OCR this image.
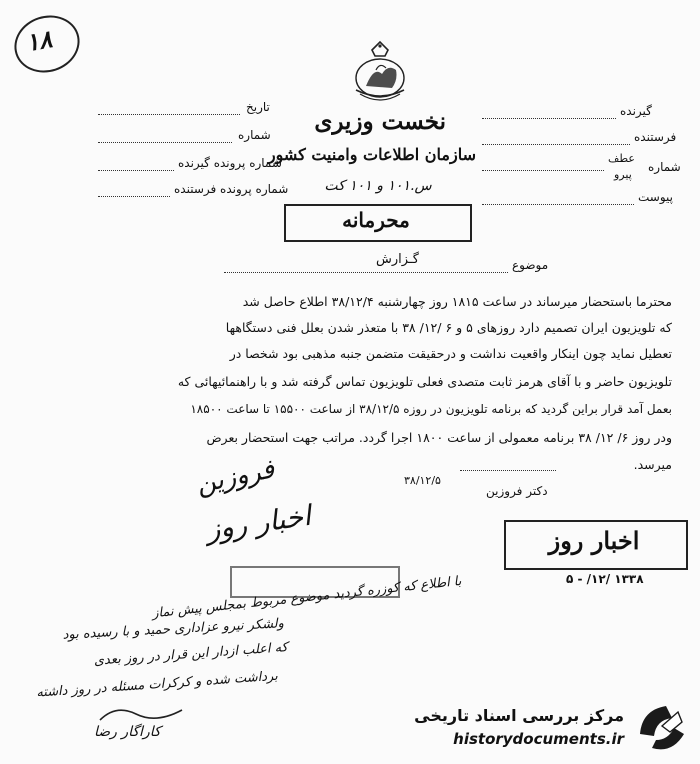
۱۸
نخست وزیری
سازمان اطلاعات وامنیت کشور
س.۱۰۱ و ۱۰۱ کت
محرمانه
تاریخ
شماره
شماره پرونده گیرنده
شماره پرونده فرستنده
گیرنده
فرستنده
شماره
عطف
پیرو
پیوست
موضوع
گـزارش
محترما باستحضار میرساند در ساعت ۱۸۱۵ روز چهارشنبه ۳۸/۱۲/۴ اطلاع حاصل شد
که تلویزیون ایران تصمیم دارد روزهای ۵ و ۶ /۱۲/ ۳۸ با متعذر شدن بعلل فنی دستگاهها
تعطیل نماید چون اینکار واقعیت نداشت و درحقیقت متضمن جنبه مذهبی بود شخصا در
تلویزیون حاضر و با آقای هرمز ثابت متصدی فعلی تلویزیون تماس گرفته شد و با راهنمائیهائی که
بعمل آمد قرار براین گردید که برنامه تلویزیون در روزه ۳۸/۱۲/۵ از ساعت ۱۵۵۰۰ تا ساعت ۱۸۵۰۰
ودر روز ۶/ ۱۲/ ۳۸ برنامه معمولی از ساعت ۱۸۰۰ اجرا گردد. مراتب جهت استحضار بعرض
میرسد.
۳۸/۱۲/۵
دکتر فروزین
فروزین
اخبار روز	اخبار روز
۵ - /۱۲/ ۱۳۳۸
با اطلاع که کوزره گردید موضوع مربوط بمجلس پیش نماز
ولشکر نیرو عزاداری حمید و با رسیده بود
که اعلب ازدار این قرار در روز بعدی
برداشت شده و کرکرات مسئله در روز داشته
کاراگار رضا
مرکز بررسی اسناد تاریخی
historydocuments.ir
